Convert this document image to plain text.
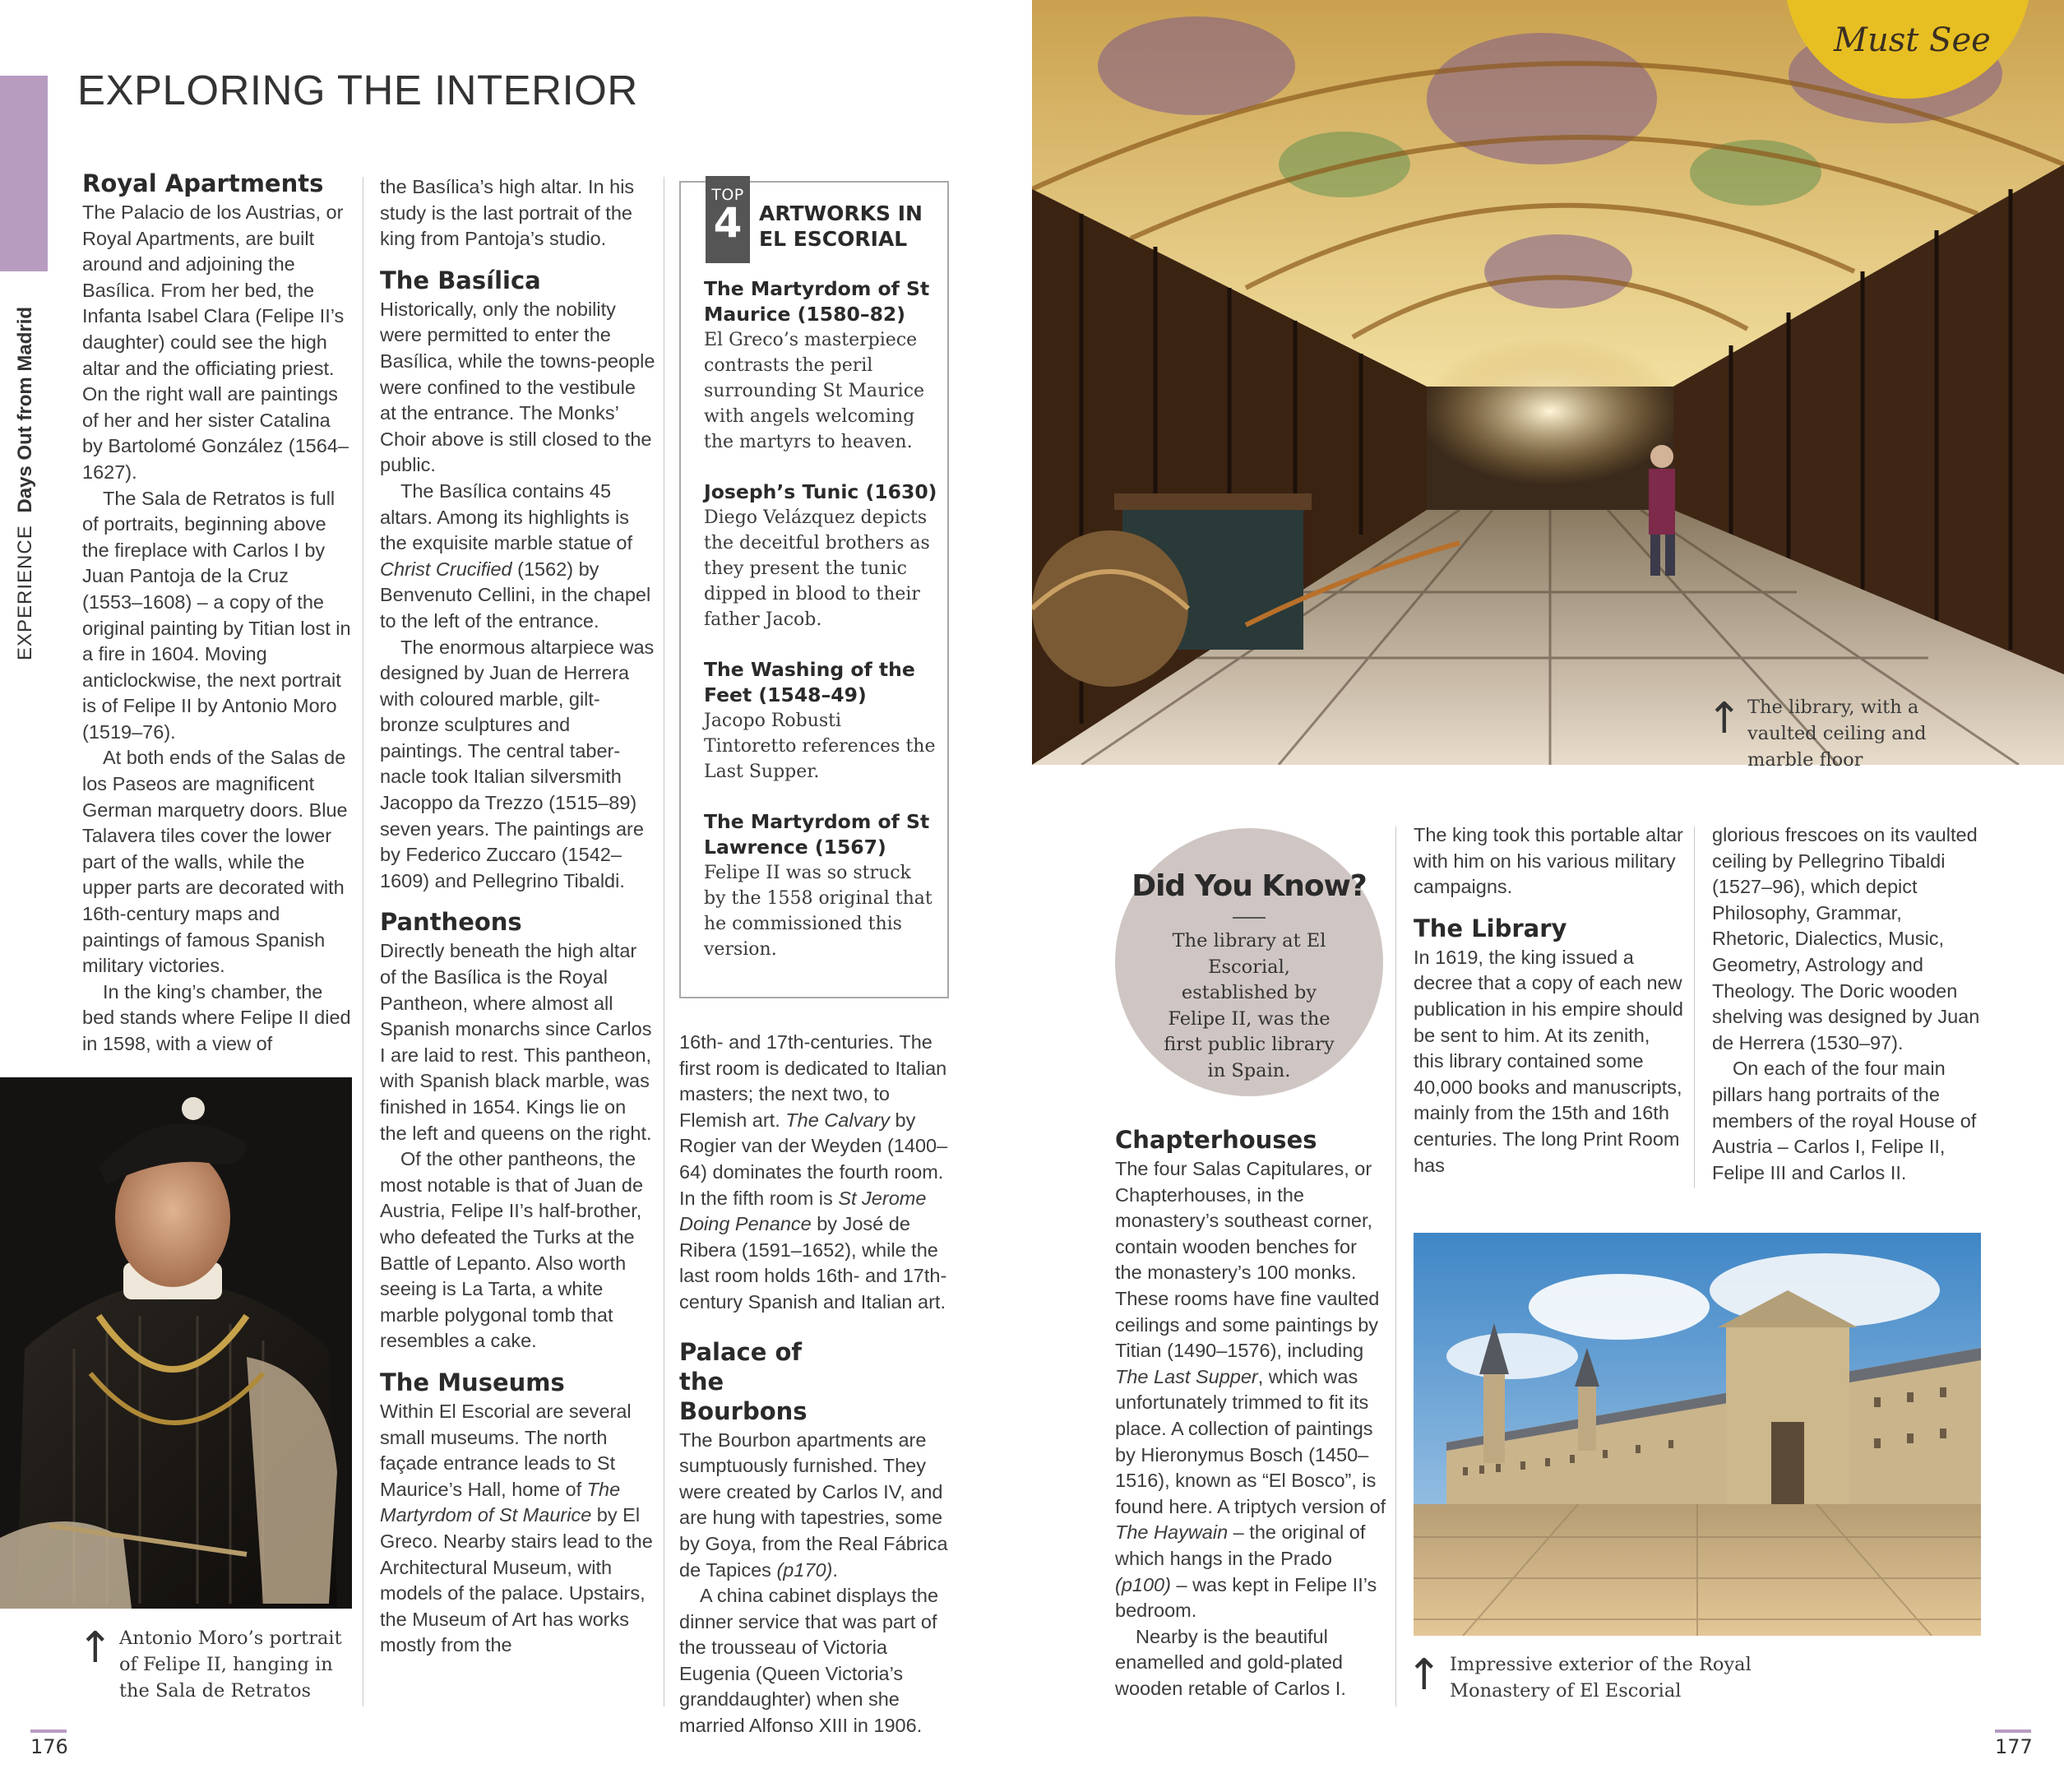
EXPERIENCE Days Out from Madrid
EXPLORING THE INTERIOR
Royal Apartments

The Palacio de los Austrias, or Royal Apartments, are built around and adjoining the Basílica. From her bed, the Infanta Isabel Clara (Felipe II’s daughter) could see the high altar and the officiating priest. On the right wall are paintings of her and her sister Catalina by Bartolomé González (1564–1627).

The Sala de Retratos is full of portraits, beginning above the fireplace with Carlos I by Juan Pantoja de la Cruz (1553–1608) – a copy of the original painting by Titian lost in a fire in 1604. Moving anticlockwise, the next portrait is of Felipe II by Antonio Moro (1519–76).

At both ends of the Salas de los Paseos are magnificent German marquetry doors. Blue Talavera tiles cover the lower part of the walls, while the upper parts are decorated with 16th-century maps and paintings of famous Spanish military victories.

In the king’s chamber, the bed stands where Felipe II died in 1598, with a view of

↑ Antonio Moro’s portrait of Felipe II, hanging in the Sala de Retratos

the Basílica’s high altar. In his study is the last portrait of the king from Pantoja’s studio.

The Basílica

Historically, only the nobility were permitted to enter the Basílica, while the towns-people were confined to the vestibule at the entrance. The Monks’ Choir above is still closed to the public.

The Basílica contains 45 altars. Among its highlights is the exquisite marble statue of Christ Crucified (1562) by Benvenuto Cellini, in the chapel to the left of the entrance.

The enormous altarpiece was designed by Juan de Herrera with coloured marble, gilt-bronze sculptures and paintings. The central taber-nacle took Italian silversmith Jacoppo da Trezzo (1515–89) seven years. The paintings are by Federico Zuccaro (1542–1609) and Pellegrino Tibaldi.

Pantheons

Directly beneath the high altar of the Basílica is the Royal Pantheon, where almost all Spanish monarchs since Carlos I are laid to rest. This pantheon, with Spanish black marble, was finished in 1654. Kings lie on the left and queens on the right.

Of the other pantheons, the most notable is that of Juan de Austria, Felipe II’s half-brother, who defeated the Turks at the Battle of Lepanto. Also worth seeing is La Tarta, a white marble polygonal tomb that resembles a cake.

The Museums

Within El Escorial are several small museums. The north façade entrance leads to St Maurice’s Hall, home of The Martyrdom of St Maurice by El Greco. Nearby stairs lead to the Architectural Museum, with models of the palace. Upstairs, the Museum of Art has works mostly from the

TOP
4 ARTWORKS IN EL ESCORIAL
The Martyrdom of St Maurice (1580–82)
El Greco’s masterpiece contrasts the peril surrounding St Maurice with angels welcoming the martyrs to heaven.
Joseph’s Tunic (1630)
Diego Velázquez depicts the deceitful brothers as they present the tunic dipped in blood to their father Jacob.
The Washing of the Feet (1548–49)
Jacopo Robusti Tintoretto references the Last Supper.
The Martyrdom of St Lawrence (1567)
Felipe II was so struck by the 1558 original that he commissioned this version.

16th- and 17th-centuries. The first room is dedicated to Italian masters; the next two, to Flemish art. The Calvary by Rogier van der Weyden (1400–64) dominates the fourth room. In the fifth room is St Jerome Doing Penance by José de Ribera (1591–1652), while the last room holds 16th- and 17th-century Spanish and Italian art.

Palace of the Bourbons

The Bourbon apartments are sumptuously furnished. They were created by Carlos IV, and are hung with tapestries, some by Goya, from the Real Fábrica de Tapices (p170).

A china cabinet displays the dinner service that was part of the trousseau of Victoria Eugenia (Queen Victoria’s granddaughter) when she married Alfonso XIII in 1906.

176
Must See
↑ The library, with a vaulted ceiling and marble floor
Did You Know?
The library at El Escorial, established by Felipe II, was the first public library in Spain.
Chapterhouses

The four Salas Capitulares, or Chapterhouses, in the monastery’s southeast corner, contain wooden benches for the monastery’s 100 monks. These rooms have fine vaulted ceilings and some paintings by Titian (1490–1576), including The Last Supper, which was unfortunately trimmed to fit its place. A collection of paintings by Hieronymus Bosch (1450–1516), known as “El Bosco”, is found here. A triptych version of The Haywain – the original of which hangs in the Prado (p100) – was kept in Felipe II’s bedroom.

Nearby is the beautiful enamelled and gold-plated wooden retable of Carlos I.

The king took this portable altar with him on his various military campaigns.

The Library

In 1619, the king issued a decree that a copy of each new publication in his empire should be sent to him. At its zenith, this library contained some 40,000 books and manuscripts, mainly from the 15th and 16th centuries. The long Print Room has

glorious frescoes on its vaulted ceiling by Pellegrino Tibaldi (1527–96), which depict Philosophy, Grammar, Rhetoric, Dialectics, Music, Geometry, Astrology and Theology. The Doric wooden shelving was designed by Juan de Herrera (1530–97).

On each of the four main pillars hang portraits of the members of the royal House of Austria – Carlos I, Felipe II, Felipe III and Carlos II.

↑ Impressive exterior of the Royal Monastery of El Escorial
177
